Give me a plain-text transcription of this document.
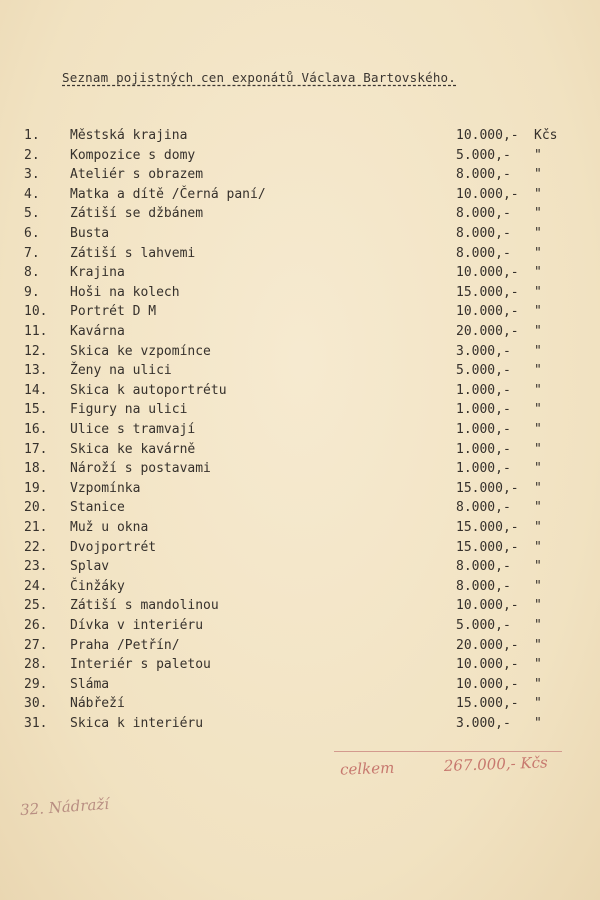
Seznam pojistných cen exponátů Václava Bartovského.
1.	Městská krajina	10.000,-	Kčs
2.	Kompozice s domy	5.000,-	"
3.	Ateliér s obrazem	8.000,-	"
4.	Matka a dítě /Černá paní/	10.000,-	"
5.	Zátiší se džbánem	8.000,-	"
6.	Busta	8.000,-	"
7.	Zátiší s lahvemi	8.000,-	"
8.	Krajina	10.000,-	"
9.	Hoši na kolech	15.000,-	"
10.	Portrét D M	10.000,-	"
11.	Kavárna	20.000,-	"
12.	Skica ke vzpomínce	3.000,-	"
13.	Ženy na ulici	5.000,-	"
14.	Skica k autoportrétu	1.000,-	"
15.	Figury na ulici	1.000,-	"
16.	Ulice s tramvají	1.000,-	"
17.	Skica ke kavárně	1.000,-	"
18.	Nároží s postavami	1.000,-	"
19.	Vzpomínka	15.000,-	"
20.	Stanice	8.000,-	"
21.	Muž u okna	15.000,-	"
22.	Dvojportrét	15.000,-	"
23.	Splav	8.000,-	"
24.	Činžáky	8.000,-	"
25.	Zátiší s mandolinou	10.000,-	"
26.	Dívka v interiéru	5.000,-	"
27.	Praha /Petřín/	20.000,-	"
28.	Interiér s paletou	10.000,-	"
29.	Sláma	10.000,-	"
30.	Nábřeží	15.000,-	"
31.	Skica k interiéru	3.000,-	"
celkem	267.000,- Kčs
32. Nádraží
